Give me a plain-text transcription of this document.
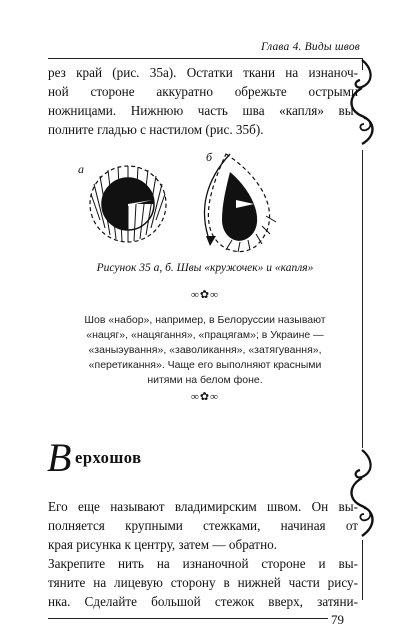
Глава 4. Виды швов
рез край (рис. 35а). Остатки ткани на изнаноч-
ной стороне аккуратно обрежьте острыми
ножницами. Нижнюю часть шва «капля» вы-
полните гладью с настилом (рис. 35б).
а
б
Рисунок 35 а, б. Швы «кружочек» и «капля»
∞✿∞
Шов «набор», например, в Белоруссии называют
«нацяг», «нацягання», «працягам»; в Украине —
«заныэування», «заволикання», «затягування»,
«перетикання». Чаще его выполняют красными
нитями на белом фоне.
∞✿∞
В ерхошов
Его еще называют владимирским швом. Он вы-
полняется крупными стежками, начиная от
края рисунка к центру, затем — обратно.
Закрепите нить на изнаночной стороне и вы-
тяните на лицевую сторону в нижней части рису-
нка. Сделайте большой стежок вверх, затяни-
79
